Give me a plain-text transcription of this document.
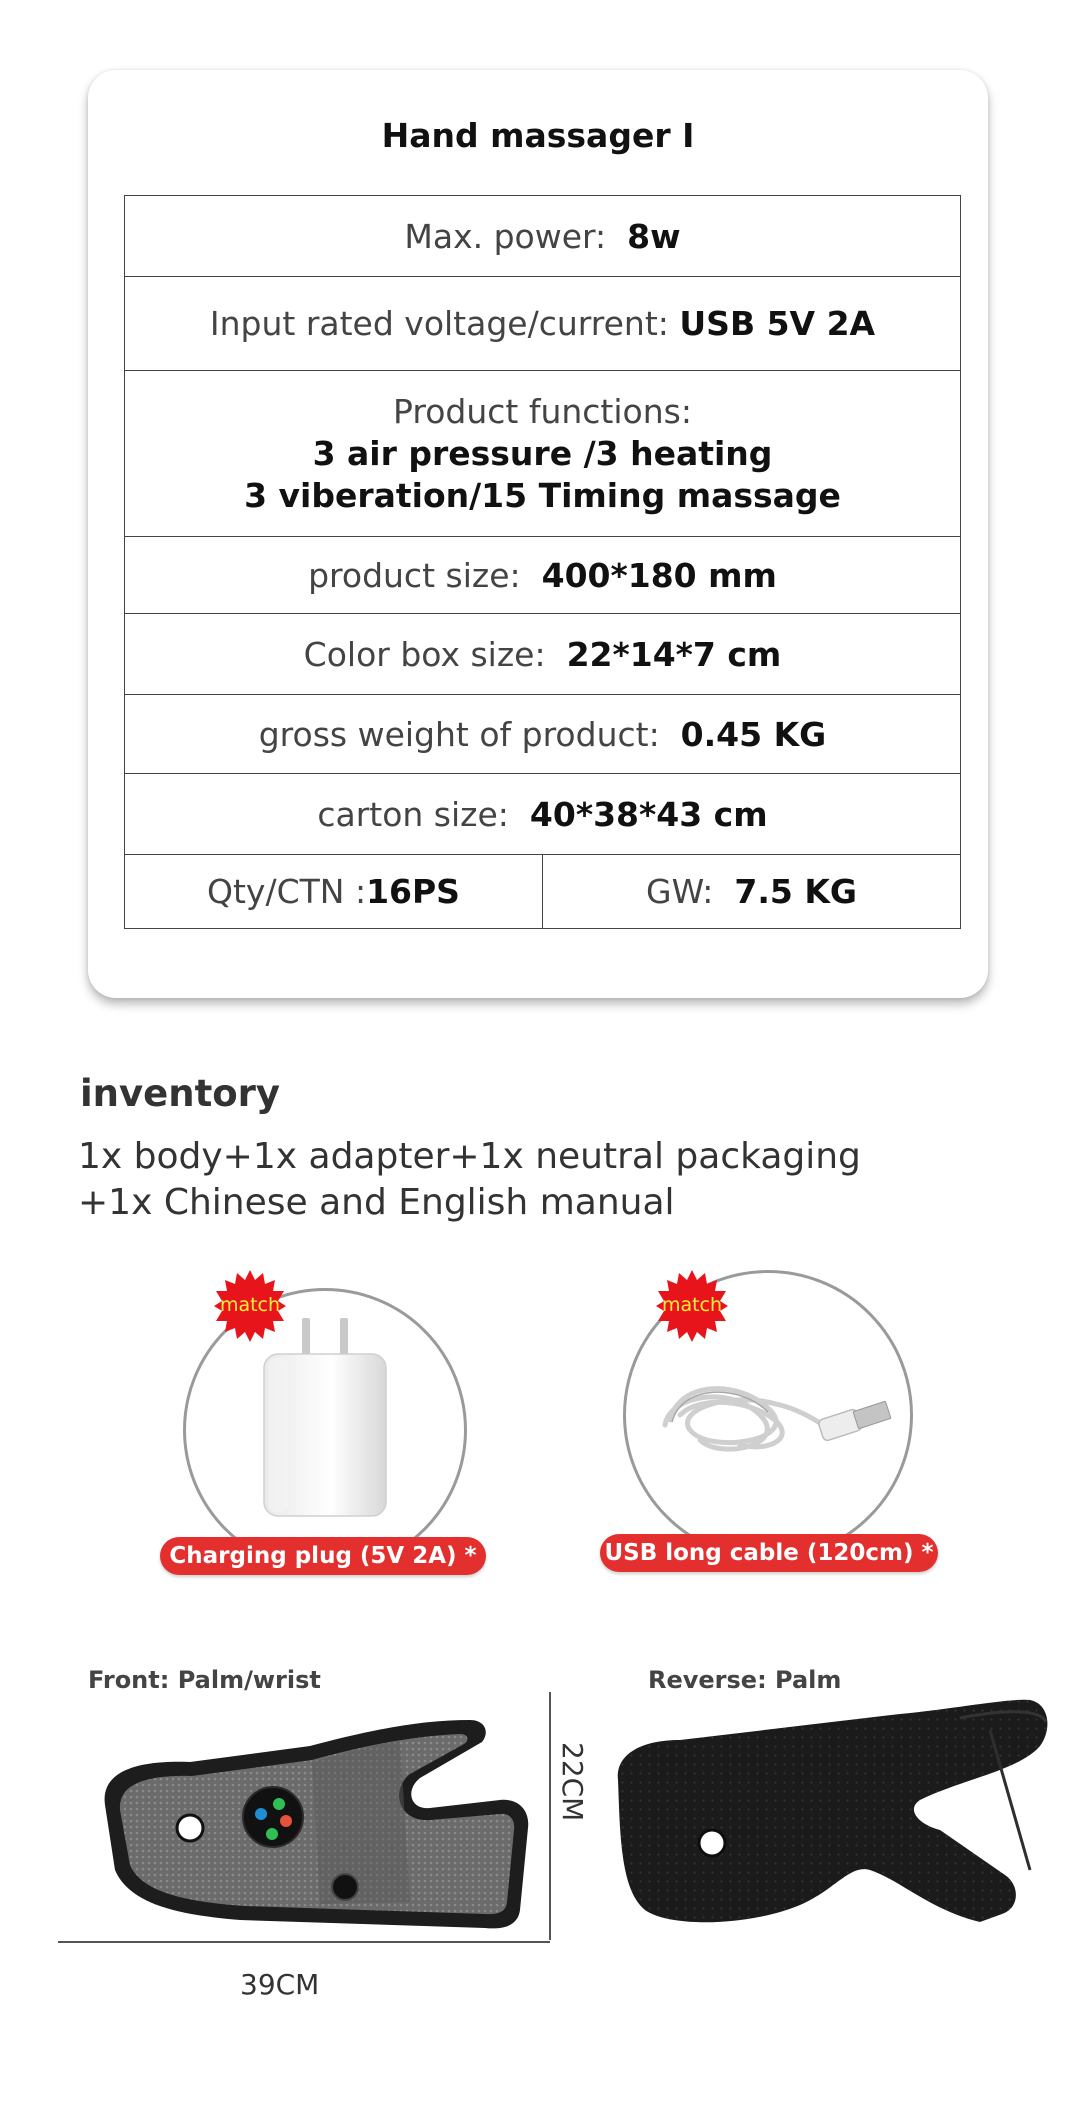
Hand massager I
Max. power: 8w
Input rated voltage/current: USB 5V 2A

Product functions:
3 air pressure /3 heating
3 viberation/15 Timing massage

product size: 400*180 mm
Color box size: 22*14*7 cm
gross weight of product: 0.45 KG
carton size: 40*38*43 cm
Qty/CTN :16PS	GW: 7.5 KG
inventory
1x body+1x adapter+1x neutral packaging
+1x Chinese and English manual
match
Charging plug (5V 2A) * 1
match
USB long cable (120cm) * 1
Front: Palm/wrist	Reverse: Palm
22CM
39CM
